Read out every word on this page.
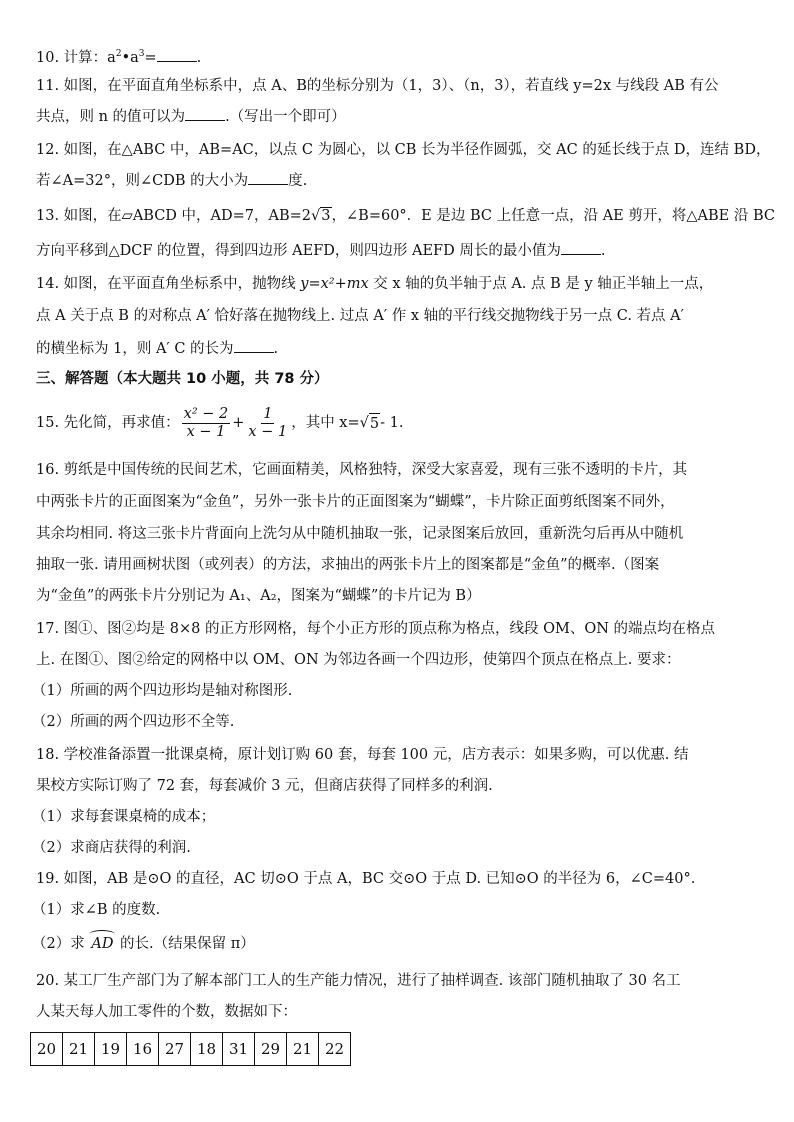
10. 计算：$a^2•a^3=$	.
11. 如图，在平面直角坐标系中，点 A、B的坐标分别为（1，3）、（n，3），若直线 y=2x 与线段 AB 有公
共点，则 n 的值可以为	.（写出一个即可）
12. 如图，在△ABC 中，AB=AC，以点 C 为圆心，以 CB 长为半径作圆弧，交 AC 的延长线于点 D，连结 BD，
若∠A=32°，则∠CDB 的大小为	度.
13. 如图，在▱ABCD 中，AD=7，AB=2√3，∠B=60°．E 是边 BC 上任意一点，沿 AE 剪开，将△ABE 沿 BC
方向平移到△DCF 的位置，得到四边形 AEFD，则四边形 AEFD 周长的最小值为	.
14. 如图，在平面直角坐标系中，抛物线 y=x²+mx 交 x 轴的负半轴于点 A. 点 B 是 y 轴正半轴上一点，
点 A 关于点 B 的对称点 A′ 恰好落在抛物线上. 过点 A′ 作 x 轴的平行线交抛物线于另一点 C. 若点 A′
的横坐标为 1，则 A′ C 的长为	.
三、解答题（本大题共 10 小题，共 78 分）
15. 先化简，再求值： $\frac{\text{x² − 2}}{x - 1} + \frac{1}{x - 1}$ ，其中 x= √ 5 - 1.
16. 剪纸是中国传统的民间艺术，它画面精美，风格独特，深受大家喜爱，现有三张不透明的卡片，其
中两张卡片的正面图案为“金鱼”，另外一张卡片的正面图案为“蝴蝶”，卡片除正面剪纸图案不同外，
其余均相同. 将这三张卡片背面向上洗匀从中随机抽取一张，记录图案后放回，重新洗匀后再从中随机
抽取一张. 请用画树状图（或列表）的方法，求抽出的两张卡片上的图案都是“金鱼”的概率.（图案
为“金鱼”的两张卡片分别记为 A₁、A₂，图案为“蝴蝶”的卡片记为 B）
17. 图①、图②均是 8×8 的正方形网格，每个小正方形的顶点称为格点，线段 OM、ON 的端点均在格点
上. 在图①、图②给定的网格中以 OM、ON 为邻边各画一个四边形，使第四个顶点在格点上. 要求：
（1）所画的两个四边形均是轴对称图形.
（2）所画的两个四边形不全等.
18. 学校准备添置一批课桌椅，原计划订购 60 套，每套 100 元，店方表示：如果多购，可以优惠. 结
果校方实际订购了 72 套，每套减价 3 元，但商店获得了同样多的利润.
（1）求每套课桌椅的成本；
（2）求商店获得的利润.
19. 如图，AB 是⊙O 的直径，AC 切⊙O 于点 A，BC 交⊙O 于点 D. 已知⊙O 的半径为 6，∠C=40°.
（1）求∠B 的度数.
（2）求 AD 的长.（结果保留 π）
20. 某工厂生产部门为了解本部门工人的生产能力情况，进行了抽样调查. 该部门随机抽取了 30 名工
人某天每人加工零件的个数，数据如下：
20	21	19	16	27	18	31	29	21	22
